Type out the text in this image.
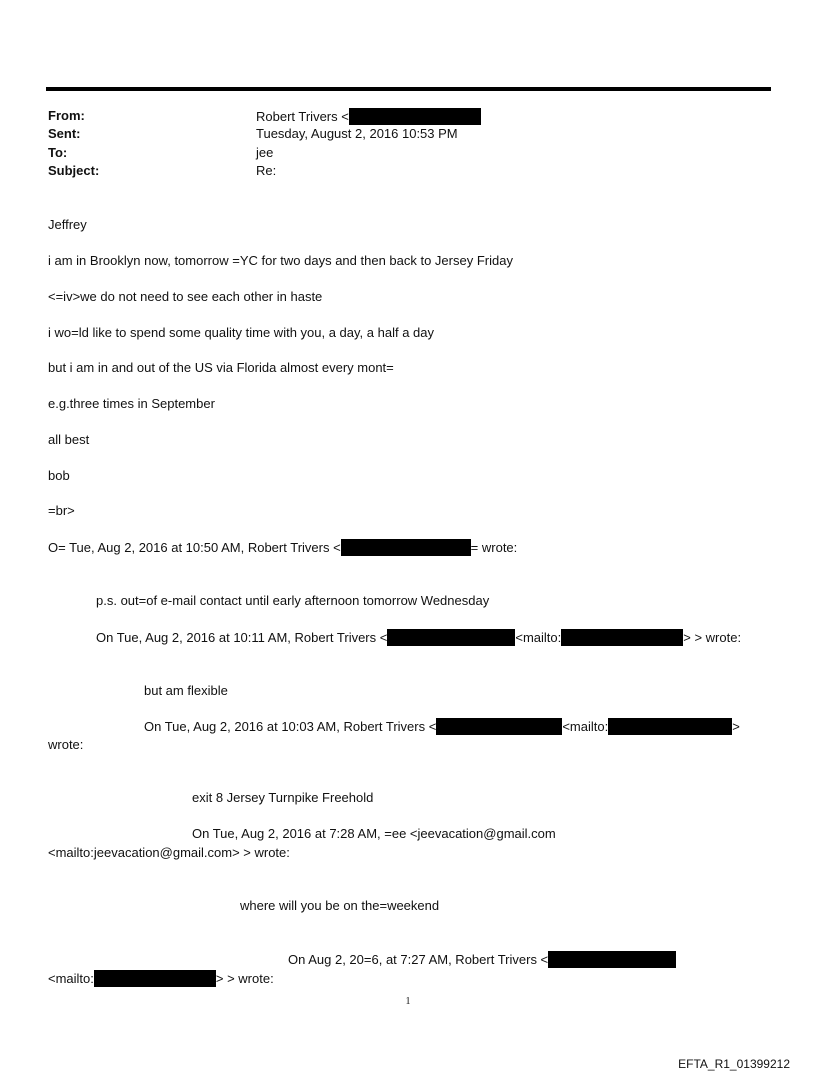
From:	Robert Trivers <
Sent:	Tuesday, August 2, 2016 10:53 PM
To:	jee
Subject:	Re:
Jeffrey
i am in Brooklyn now, tomorrow =YC for two days and then back to Jersey Friday
<=iv>we do not need to see each other in haste
i wo=ld like to spend some quality time with you, a day, a half a day
but i am in and out of the US via Florida almost every mont=
e.g.three times in September
all best
bob
=br>
O= Tue, Aug 2, 2016 at 10:50 AM, Robert Trivers <	= wrote:
p.s. out=of e-mail contact until early afternoon tomorrow Wednesday
On Tue, Aug 2, 2016 at 10:11 AM, Robert Trivers <	<mailto:	> > wrote:
but am flexible
On Tue, Aug 2, 2016 at 10:03 AM, Robert Trivers <	<mailto:	>
wrote:
exit 8 Jersey Turnpike Freehold
On Tue, Aug 2, 2016 at 7:28 AM, =ee <jeevacation@gmail.com
<mailto:jeevacation@gmail.com> > wrote:
where will you be on the=weekend
On Aug 2, 20=6, at 7:27 AM, Robert Trivers <
<mailto:	> > wrote:
1
EFTA_R1_01399212
